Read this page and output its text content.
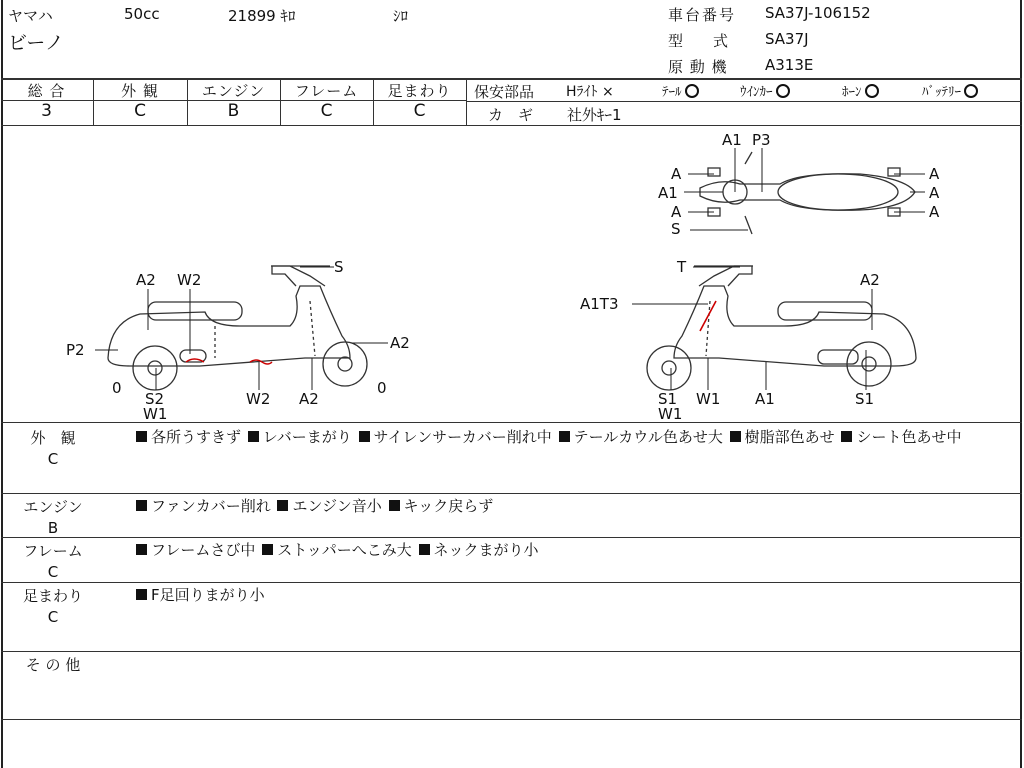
ヤマハ	50cc	21899 ｷﾛ	ｼﾛ
ビーノ
車台番号 SA37J-106152
型　　式 SA37J
原 動 機 A313E
総 合	外 観	エンジン	フレーム	足まわり
3	C	B	C	C
保安部品 Hﾗｲﾄ ×	ﾃｰﾙ	ｳｲﾝｶｰ	ﾎｰﾝ	ﾊﾞｯﾃﾘｰ
カ　ギ 社外ｷｰ1
A2 W2
S
P2	A2
0	0
S2
W1
W2 A2
A1 P3
A
A1
A
S
A
A
A
T
A2
A1T3
S1
W1
W1 A1	S1
外　観
C
各所うすきず レバーまがり サイレンサーカバー削れ中 テールカウル色あせ大 樹脂部色あせ シート色あせ中
エンジン
B
ファンカバー削れ エンジン音小 キック戻らず
フレーム
C
フレームさび中 ストッパーへこみ大 ネックまがり小
足まわり
C
F足回りまがり小
そ の 他
